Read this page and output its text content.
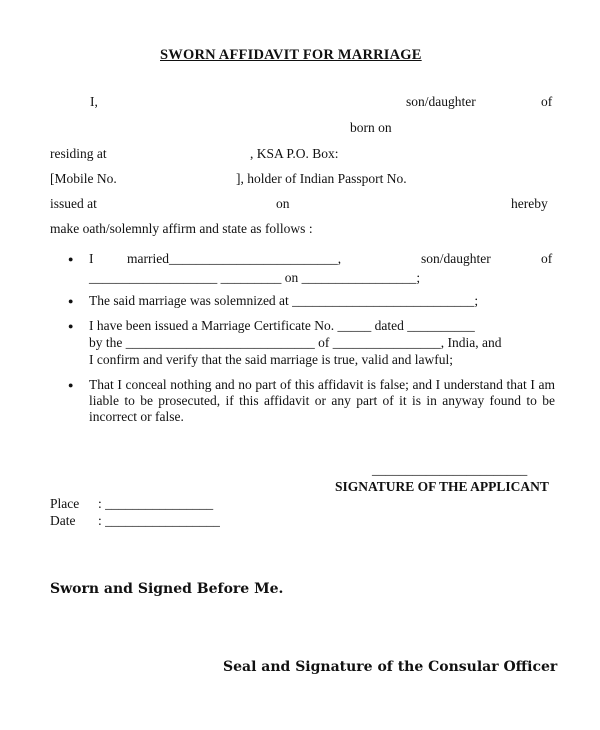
SWORN AFFIDAVIT FOR MARRIAGE
I,	son/daughter	of
born on
residing at	, KSA P.O. Box:
[Mobile No.	], holder of Indian Passport No.
issued at	on	hereby
make oath/solemnly affirm and state as follows :
● I married_________________________,	son/daughter	of
___________________ _________ on _________________;
● The said marriage was solemnized at ___________________________;
● I have been issued a Marriage Certificate No. _____ dated __________
by the ____________________________ of ________________, India, and
I confirm and verify that the said marriage is true, valid and lawful;
● That I conceal nothing and no part of this affidavit is false; and I understand that I am liable to be prosecuted, if this affidavit or any part of it is in anyway found to be incorrect or false.
_______________________
SIGNATURE OF THE APPLICANT
Place : ________________
Date : _________________
Sworn and Signed Before Me.
Seal and Signature of the Consular Officer
